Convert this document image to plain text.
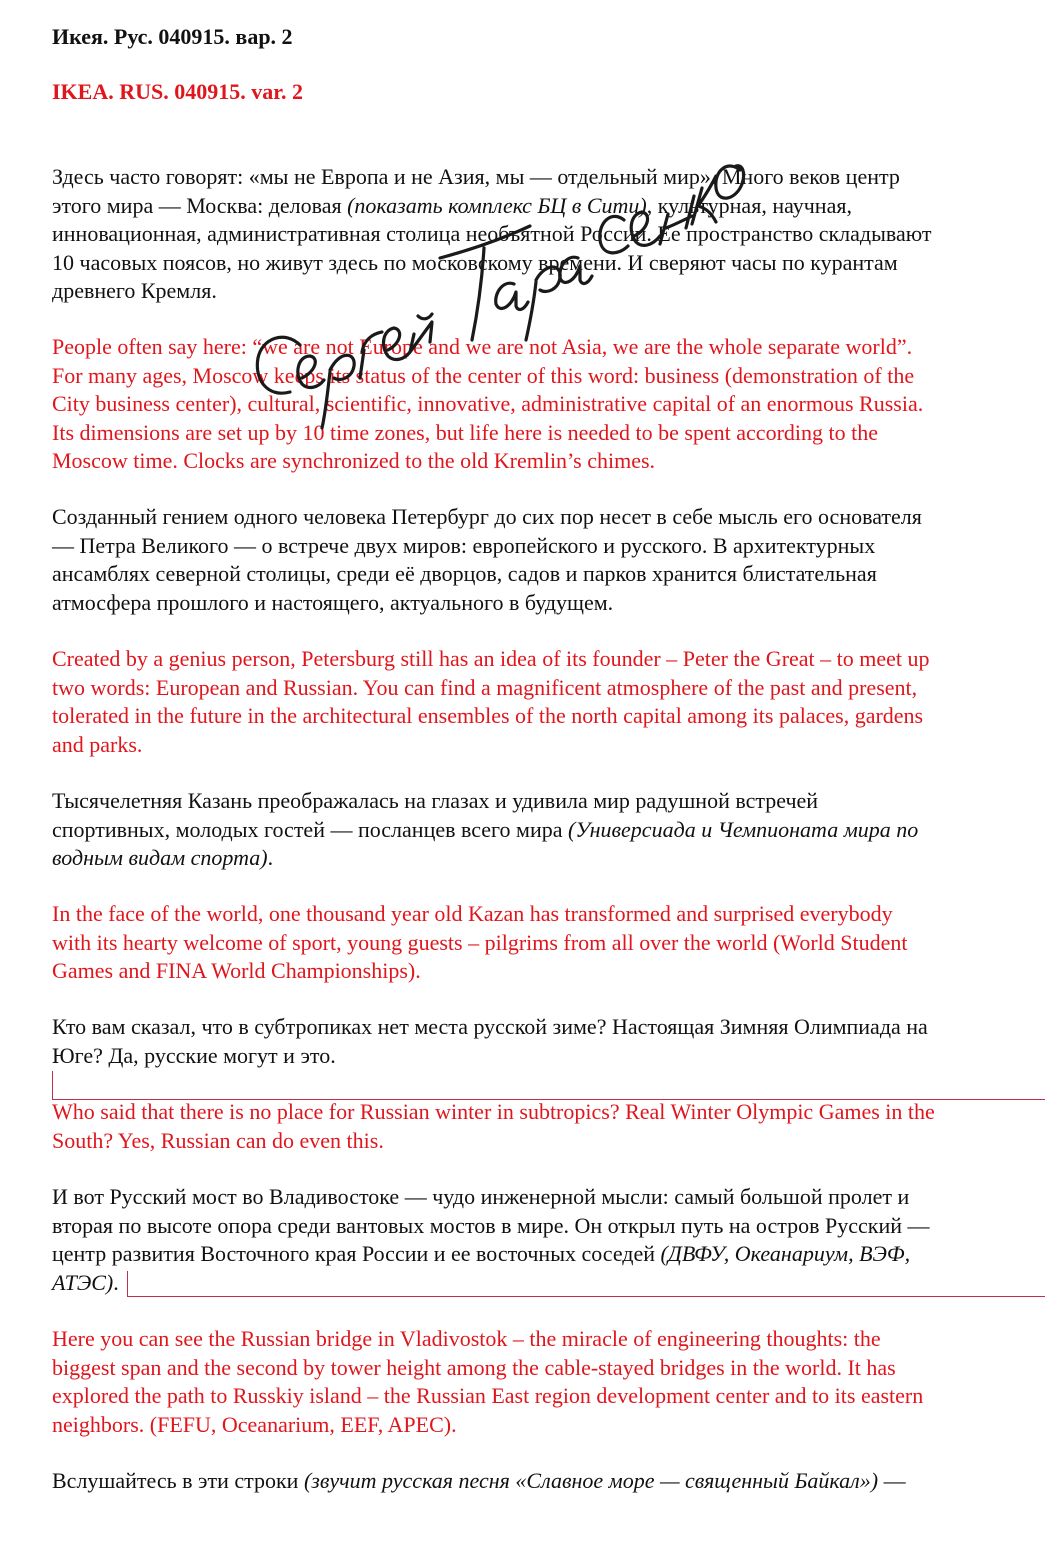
Икея. Рус. 040915. вар. 2
IKEA. RUS. 040915. var. 2
Здесь часто говорят: «мы не Европа и не Азия, мы — отдельный мир». Много веков центр
этого мира — Москва: деловая (показать комплекс БЦ в Сити), культурная, научная,
инновационная, административная столица необъятной России. Ее пространство складывают
10 часовых поясов, но живут здесь по московскому времени. И сверяют часы по курантам
древнего Кремля.
People often say here: “we are not Europe and we are not Asia, we are the whole separate world”.
For many ages, Moscow keeps its status of the center of this word: business (demonstration of the
City business center), cultural, scientific, innovative, administrative capital of an enormous Russia.
Its dimensions are set up by 10 time zones, but life here is needed to be spent according to the
Moscow time. Clocks are synchronized to the old Kremlin’s chimes.
Созданный гением одного человека Петербург до сих пор несет в себе мысль его основателя
— Петра Великого — о встрече двух миров: европейского и русского. В архитектурных
ансамблях северной столицы, среди её дворцов, садов и парков хранится блистательная
атмосфера прошлого и настоящего, актуального в будущем.
Created by a genius person, Petersburg still has an idea of its founder – Peter the Great – to meet up
two words: European and Russian. You can find a magnificent atmosphere of the past and present,
tolerated in the future in the architectural ensembles of the north capital among its palaces, gardens
and parks.
Тысячелетняя Казань преображалась на глазах и удивила мир радушной встречей
спортивных, молодых гостей — посланцев всего мира (Универсиада и Чемпионата мира по
водным видам спорта).
In the face of the world, one thousand year old Kazan has transformed and surprised everybody
with its hearty welcome of sport, young guests – pilgrims from all over the world (World Student
Games and FINA World Championships).
Кто вам сказал, что в субтропиках нет места русской зиме? Настоящая Зимняя Олимпиада на
Юге? Да, русские могут и это.
Who said that there is no place for Russian winter in subtropics? Real Winter Olympic Games in the
South? Yes, Russian can do even this.
И вот Русский мост во Владивостоке — чудо инженерной мысли: самый большой пролет и
вторая по высоте опора среди вантовых мостов в мире. Он открыл путь на остров Русский —
центр развития Восточного края России и ее восточных соседей (ДВФУ, Океанариум, ВЭФ,
АТЭС).
Here you can see the Russian bridge in Vladivostok – the miracle of engineering thoughts: the
biggest span and the second by tower height among the cable-stayed bridges in the world. It has
explored the path to Russkiy island – the Russian East region development center and to its eastern
neighbors. (FEFU, Oceanarium, EEF, APEC).
Вслушайтесь в эти строки (звучит русская песня «Славное море — священный Байкал») —
